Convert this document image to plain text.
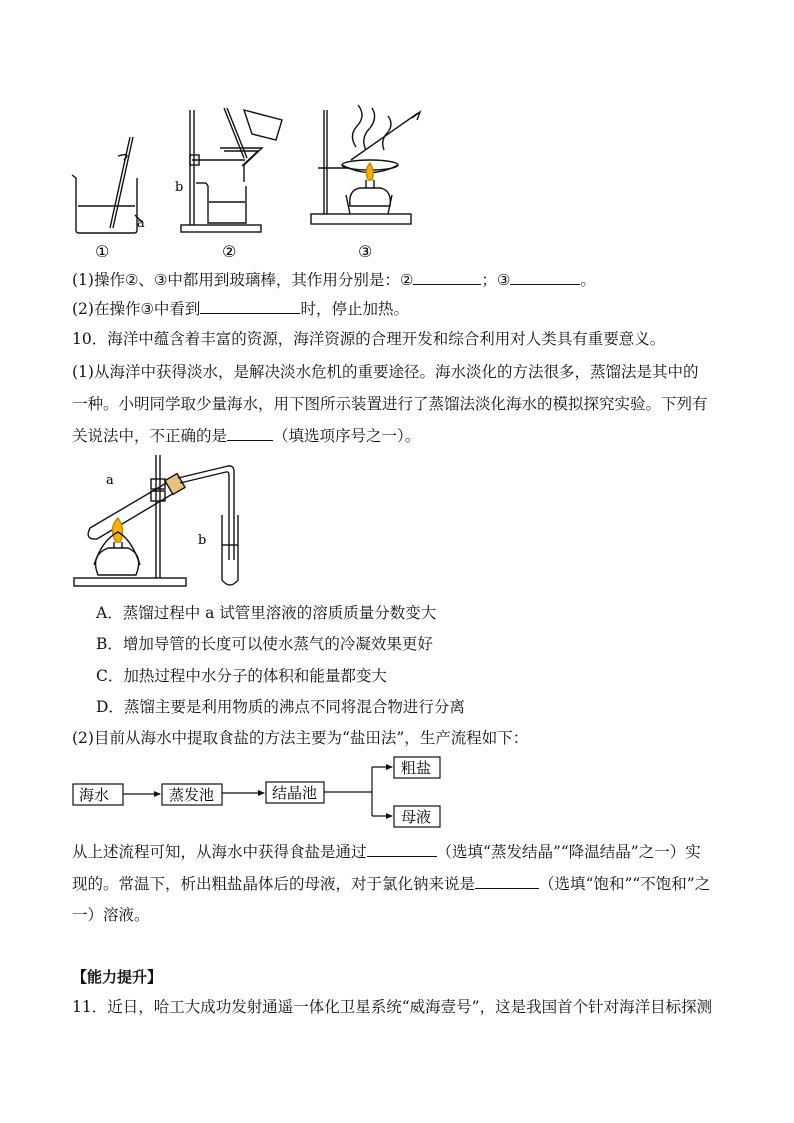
a
b
①	②	③
(1)操作②、③中都用到玻璃棒，其作用分别是：②	；③	。
(2)在操作③中看到	时，停止加热。
10．海洋中蕴含着丰富的资源，海洋资源的合理开发和综合利用对人类具有重要意义。
(1)从海洋中获得淡水，是解决淡水危机的重要途径。海水淡化的方法很多，蒸馏法是其中的
一种。小明同学取少量海水，用下图所示装置进行了蒸馏法淡化海水的模拟探究实验。下列有
关说法中，不正确的是	（填选项序号之一）。
a
b
A．蒸馏过程中 a 试管里溶液的溶质质量分数变大
B．增加导管的长度可以使水蒸气的冷凝效果更好
C．加热过程中水分子的体积和能量都变大
D．蒸馏主要是利用物质的沸点不同将混合物进行分离
(2)目前从海水中提取食盐的方法主要为“盐田法”，生产流程如下：
海水	蒸发池	结晶池
粗盐
母液
从上述流程可知，从海水中获得食盐是通过	（选填“蒸发结晶”“降温结晶”之一）实
现的。常温下，析出粗盐晶体后的母液，对于氯化钠来说是	（选填“饱和”“不饱和”之
一）溶液。
【能力提升】
11．近日，哈工大成功发射通遥一体化卫星系统“威海壹号”，这是我国首个针对海洋目标探测
